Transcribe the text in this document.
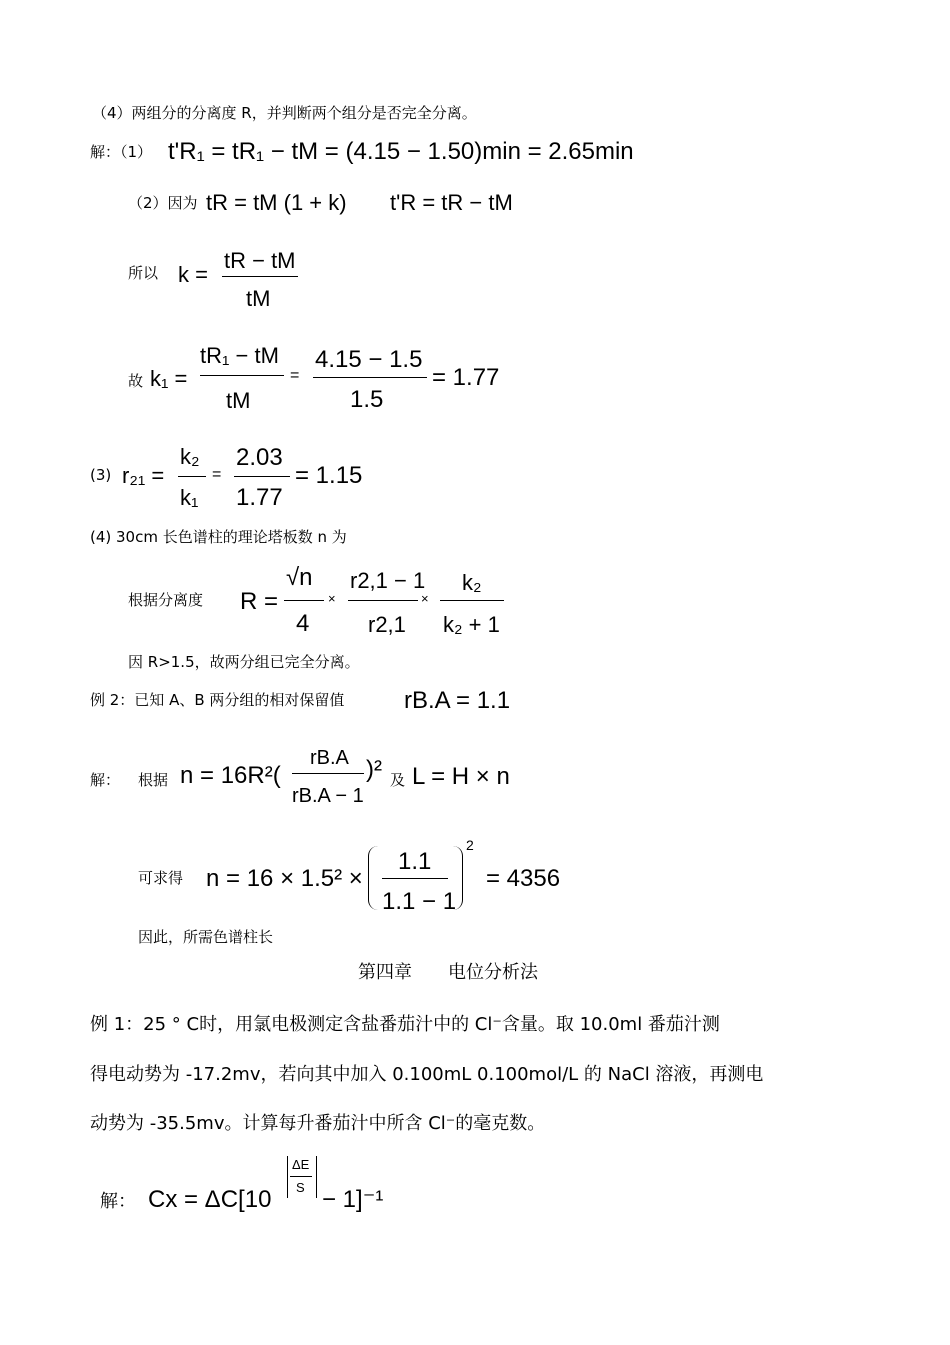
（4）两组分的分离度 R，并判断两个组分是否完全分离。
解：（1） t'R₁ = tR₁ − tM = (4.15 − 1.50)min = 2.65min
（2）因为 tR = tM (1 + k) t'R = tR − tM
所以 k =
tR − tM
tM
故 k₁ =
tR₁ − tM
tM
=
4.15 − 1.5
1.5
= 1.77
(3) r₂₁ =
k₂
k₁
=
2.03
1.77
= 1.15
(4) 30cm 长色谱柱的理论塔板数 n 为
根据分离度 R =
√n
4
×
r2,1 − 1
r2,1
×
k₂
k₂ + 1
因 R>1.5，故两分组已完全分离。
例 2：已知 A、B 两分组的相对保留值 rB.A = 1.1
解： 根据 n = 16R²(
rB.A
rB.A − 1
)² 及 L = H × n
可求得 n = 16 × 1.5² ×
1.1
1.1 − 1
2
= 4356
因此，所需色谱柱长
第四章　　电位分析法
例 1：25 ° C时，用氯电极测定含盐番茄汁中的 Cl⁻含量。取 10.0ml 番茄汁测
得电动势为 -17.2mv，若向其中加入 0.100mL 0.100mol/L 的 NaCl 溶液，再测电
动势为 -35.5mv。计算每升番茄汁中所含 Cl⁻的毫克数。
解： Cx = ΔC[10
ΔE
S − 1]⁻¹
